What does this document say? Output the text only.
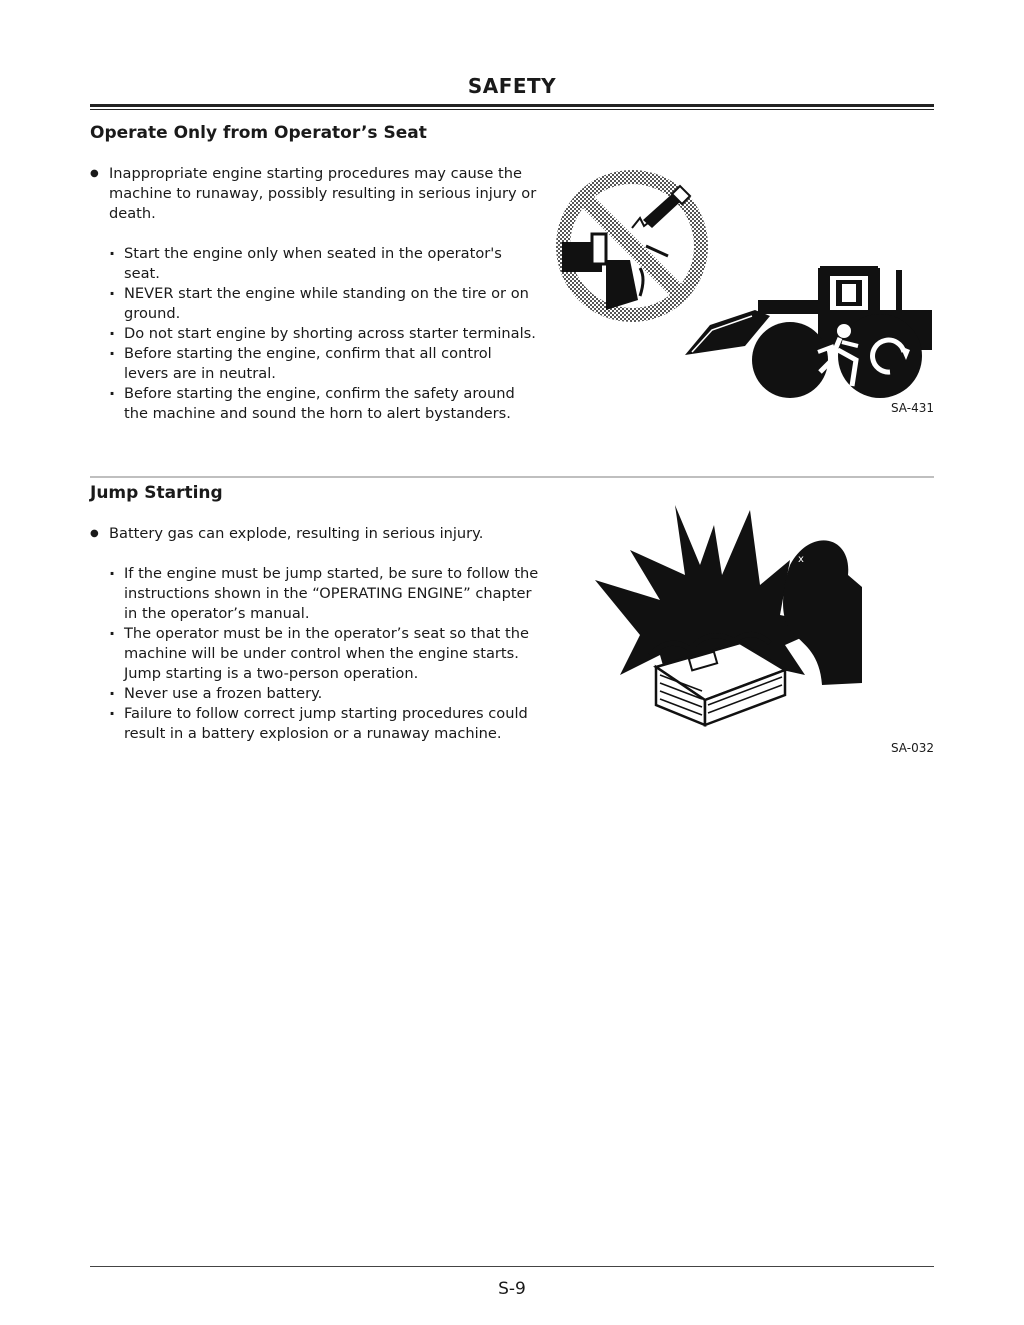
SAFETY
Operate Only from Operator’s Seat

● Inappropriate engine starting procedures may cause the machine to runaway, possibly resulting in serious injury or death.

· Start the engine only when seated in the operator's seat.
· NEVER start the engine while standing on the tire or on ground.
· Do not start engine by shorting across starter terminals.
· Before starting the engine, confirm that all control levers are in neutral.
· Before starting the engine, confirm the safety around the machine and sound the horn to alert bystanders.	SA-431
Jump Starting

● Battery gas can explode, resulting in serious injury.

· If the engine must be jump started, be sure to follow the instructions shown in the “OPERATING ENGINE” chapter in the operator’s manual.
· The operator must be in the operator’s seat so that the machine will be under control when the engine starts. Jump starting is a two-person operation.
· Never use a frozen battery.
· Failure to follow correct jump starting procedures could result in a battery explosion or a runaway machine.
x
SA-032
S-9
